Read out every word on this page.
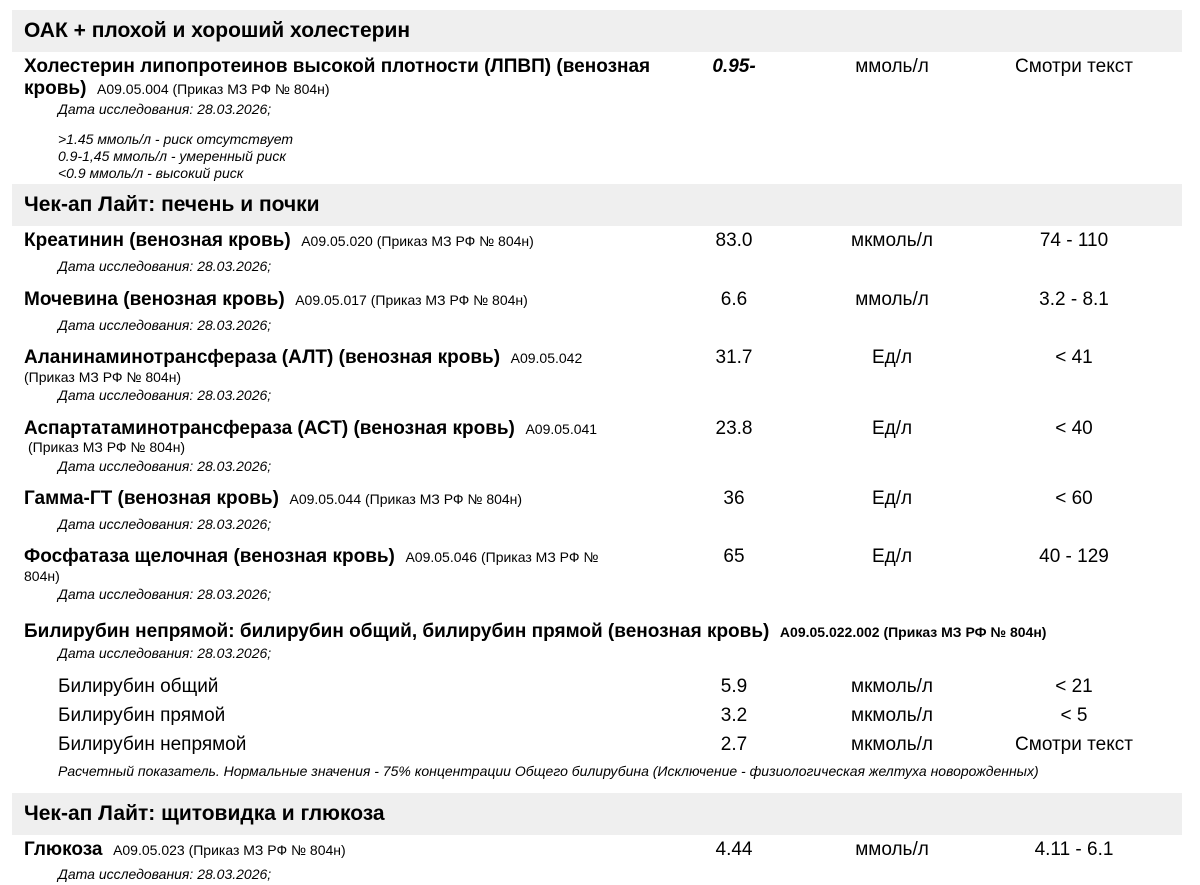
ОАК + плохой и хороший холестерин
Холестерин липопротеинов высокой плотности (ЛПВП) (венозная кровь) A09.05.004 (Приказ МЗ РФ № 804н)
0.95-	ммоль/л	Смотри текст
Дата исследования: 28.03.2026;
>1.45 ммоль/л - риск отсутствует
0.9-1,45 ммоль/л - умеренный риск
<0.9 ммоль/л - высокий риск
Чек-ап Лайт: печень и почки
Креатинин (венозная кровь) A09.05.020 (Приказ МЗ РФ № 804н)	83.0	мкмоль/л	74 - 110
Дата исследования: 28.03.2026;
Мочевина (венозная кровь) A09.05.017 (Приказ МЗ РФ № 804н)	6.6	ммоль/л	3.2 - 8.1
Дата исследования: 28.03.2026;
Аланинаминотрансфераза (АЛТ) (венозная кровь) A09.05.042
(Приказ МЗ РФ № 804н)
31.7	Ед/л	< 41
Дата исследования: 28.03.2026;
Аспартатаминотрансфераза (АСТ) (венозная кровь) A09.05.041
(Приказ МЗ РФ № 804н)
23.8	Ед/л	< 40
Дата исследования: 28.03.2026;
Гамма-ГТ (венозная кровь) A09.05.044 (Приказ МЗ РФ № 804н)	36	Ед/л	< 60
Дата исследования: 28.03.2026;
Фосфатаза щелочная (венозная кровь) A09.05.046 (Приказ МЗ РФ №
804н)
65	Ед/л	40 - 129
Дата исследования: 28.03.2026;
Билирубин непрямой: билирубин общий, билирубин прямой (венозная кровь) A09.05.022.002 (Приказ МЗ РФ № 804н)
Дата исследования: 28.03.2026;
Билирубин общий	5.9	мкмоль/л	< 21
Билирубин прямой	3.2	мкмоль/л	< 5
Билирубин непрямой	2.7	мкмоль/л	Смотри текст
Расчетный показатель. Нормальные значения - 75% концентрации Общего билирубина (Исключение - физиологическая желтуха новорожденных)
Чек-ап Лайт: щитовидка и глюкоза
Глюкоза A09.05.023 (Приказ МЗ РФ № 804н)	4.44	ммоль/л	4.11 - 6.1
Дата исследования: 28.03.2026;
